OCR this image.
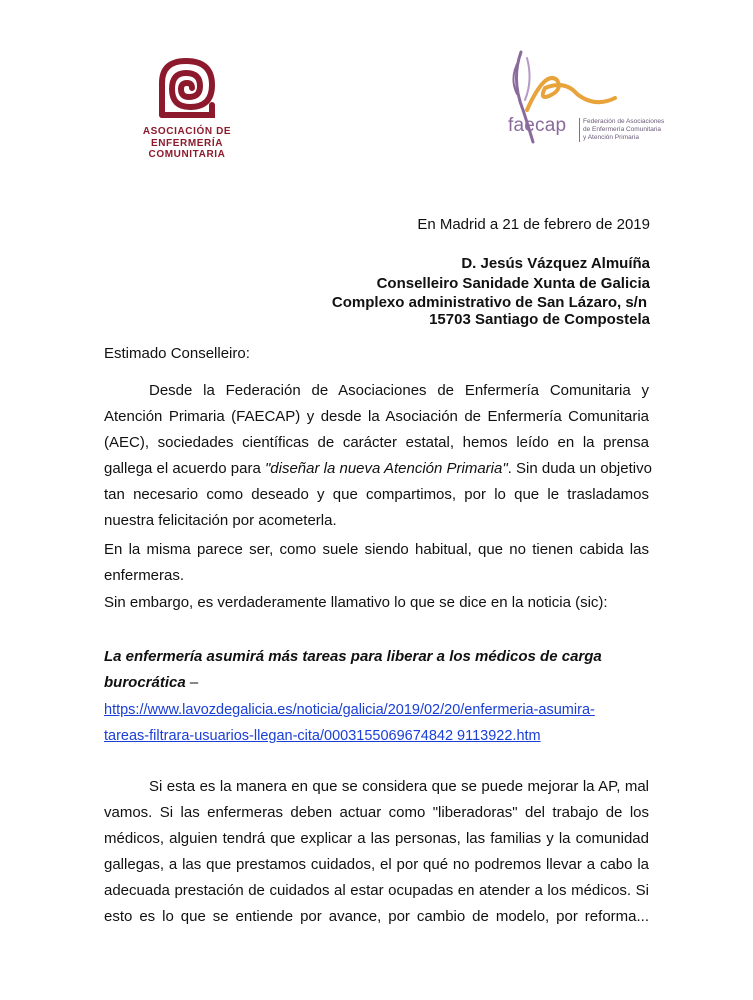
ASOCIACIÓN DE
ENFERMERÍA COMUNITARIA
faecap	Federación de Asociaciones
de Enfermería Comunitaria
y Atención Primaria
En Madrid a 21 de febrero de 2019
D. Jesús Vázquez Almuíña
Conselleiro Sanidade Xunta de Galicia
Complexo administrativo de San Lázaro, s/n
15703 Santiago de Compostela
Estimado Conselleiro:
Desde la Federación de Asociaciones de Enfermería Comunitaria y
Atención Primaria (FAECAP) y desde la Asociación de Enfermería Comunitaria
(AEC), sociedades científicas de carácter estatal, hemos leído en la prensa
gallega el acuerdo para "diseñar la nueva Atención Primaria". Sin duda un objetivo
tan necesario como deseado y que compartimos, por lo que le trasladamos
nuestra felicitación por acometerla.
En la misma parece ser, como suele siendo habitual, que no tienen cabida las
enfermeras.
Sin embargo, es verdaderamente llamativo lo que se dice en la noticia (sic):
La enfermería asumirá más tareas para liberar a los médicos de carga
burocrática –
https://www.lavozdegalicia.es/noticia/galicia/2019/02/20/enfermeria-asumira-
tareas-filtrara-usuarios-llegan-cita/0003155069674842 9113922.htm
Si esta es la manera en que se considera que se puede mejorar la AP, mal
vamos. Si las enfermeras deben actuar como "liberadoras" del trabajo de los
médicos, alguien tendrá que explicar a las personas, las familias y la comunidad
gallegas, a las que prestamos cuidados, el por qué no podremos llevar a cabo la
adecuada prestación de cuidados al estar ocupadas en atender a los médicos. Si
esto es lo que se entiende por avance, por cambio de modelo, por reforma...
